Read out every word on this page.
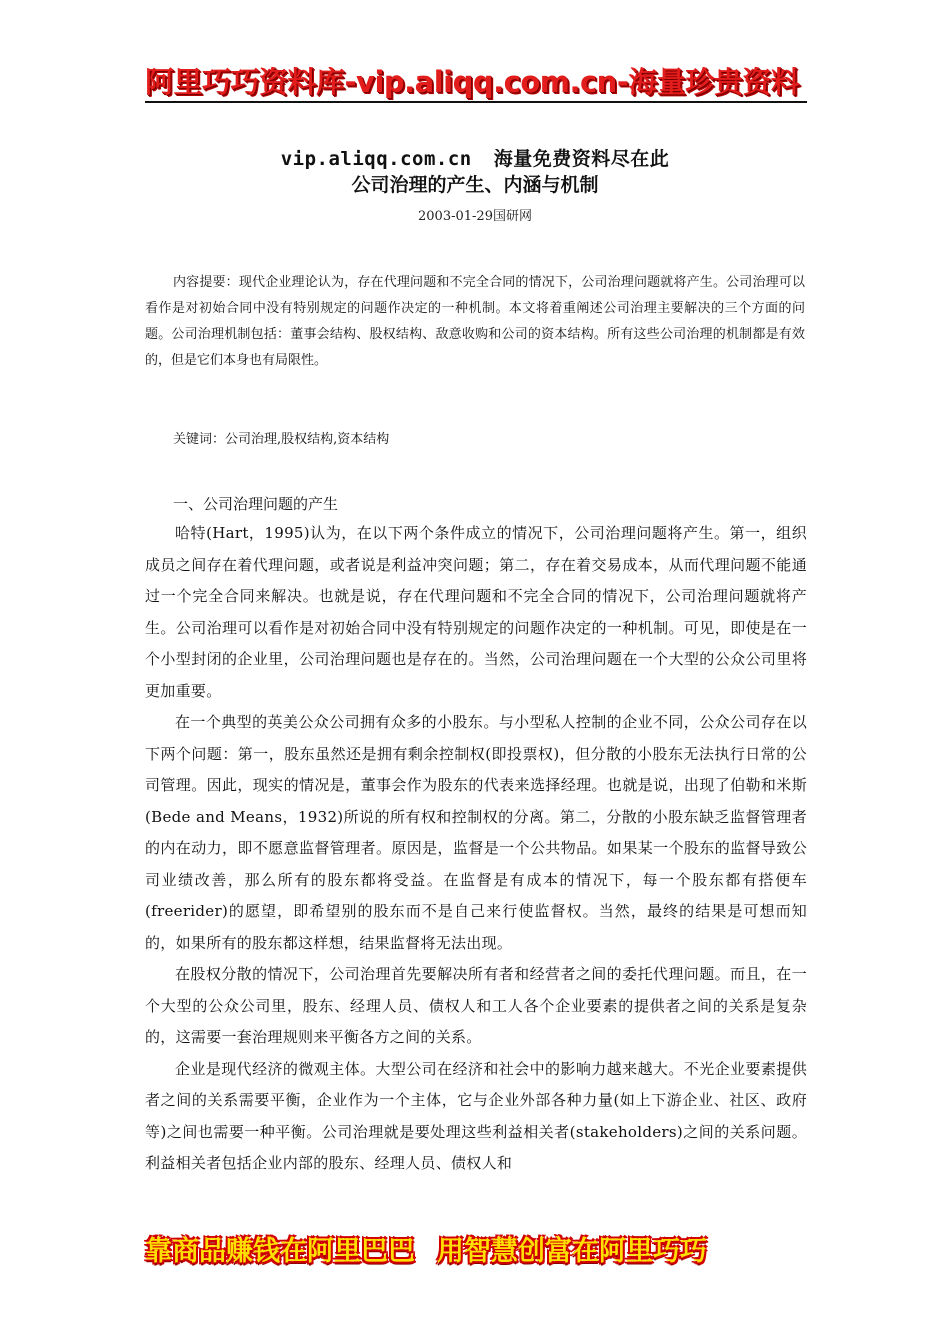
阿里巧巧资料库-vip.aliqq.com.cn-海量珍贵资料
vip.aliqq.com.cn 海量免费资料尽在此
公司治理的产生、内涵与机制
2003-01-29国研网
内容提要：现代企业理论认为，存在代理问题和不完全合同的情况下，公司治理问题就将产生。公司治理可以看作是对初始合同中没有特别规定的问题作决定的一种机制。本文将着重阐述公司治理主要解决的三个方面的问题。公司治理机制包括：董事会结构、股权结构、敌意收购和公司的资本结构。所有这些公司治理的机制都是有效的，但是它们本身也有局限性。
关键词：公司治理,股权结构,资本结构
一、公司治理问题的产生

哈特(Hart，1995)认为，在以下两个条件成立的情况下，公司治理问题将产生。第一，组织成员之间存在着代理问题，或者说是利益冲突问题；第二，存在着交易成本，从而代理问题不能通过一个完全合同来解决。也就是说，存在代理问题和不完全合同的情况下，公司治理问题就将产生。公司治理可以看作是对初始合同中没有特别规定的问题作决定的一种机制。可见，即使是在一个小型封闭的企业里，公司治理问题也是存在的。当然，公司治理问题在一个大型的公众公司里将更加重要。

在一个典型的英美公众公司拥有众多的小股东。与小型私人控制的企业不同，公众公司存在以下两个问题：第一，股东虽然还是拥有剩余控制权(即投票权)，但分散的小股东无法执行日常的公司管理。因此，现实的情况是，董事会作为股东的代表来选择经理。也就是说，出现了伯勒和米斯(Bede and Means，1932)所说的所有权和控制权的分离。第二，分散的小股东缺乏监督管理者的内在动力，即不愿意监督管理者。原因是，监督是一个公共物品。如果某一个股东的监督导致公司业绩改善，那么所有的股东都将受益。在监督是有成本的情况下，每一个股东都有搭便车(freerider)的愿望，即希望别的股东而不是自己来行使监督权。当然，最终的结果是可想而知的，如果所有的股东都这样想，结果监督将无法出现。

在股权分散的情况下，公司治理首先要解决所有者和经营者之间的委托代理问题。而且，在一个大型的公众公司里，股东、经理人员、债权人和工人各个企业要素的提供者之间的关系是复杂的，这需要一套治理规则来平衡各方之间的关系。

企业是现代经济的微观主体。大型公司在经济和社会中的影响力越来越大。不光企业要素提供者之间的关系需要平衡，企业作为一个主体，它与企业外部各种力量(如上下游企业、社区、政府等)之间也需要一种平衡。公司治理就是要处理这些利益相关者(stakeholders)之间的关系问题。利益相关者包括企业内部的股东、经理人员、债权人和

靠商品赚钱在阿里巴巴 用智慧创富在阿里巧巧
